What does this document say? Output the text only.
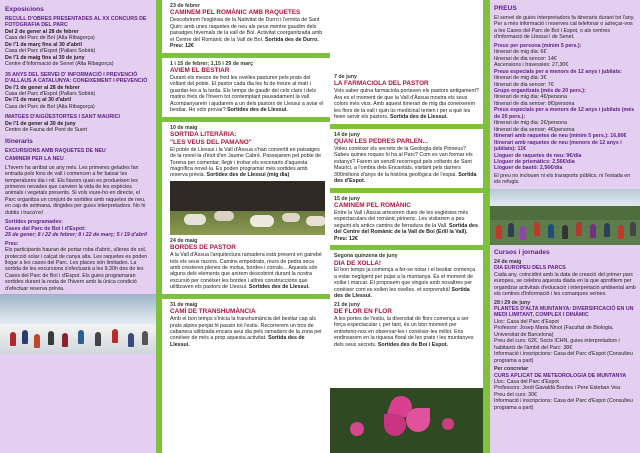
Exposicions
RECULL D'OBRES PRESENTADES AL XX CONCURS DE FOTOGRAFIA DEL PARC
Del 2 de gener al 28 de febrer
Casa del Parc de Boí (Alta Ribagorça)
De l'1 de març fins al 30 d'abril
Casa del Parc d'Espot (Pallars Sobirà)
De l'1 de maig fins al 30 de juny
Centre d'Informació de Senet (Alta Ribagorça)
35 ANYS DEL SERVEI D' INFORMACIÓ I PREVENCIÓ D'ALLAUS A CATALUNYA: CONEIXEMENT I PREVENCIÓ
De l'1 de gener al 28 de febrer
Casa del Parc d'Espot (Pallars Sobirà)
De l'1 de març al 30 d'abril
Casa del Parc de Boí (Alta Ribagorça)
IMATGES D'AIGÜESTORTES I SANT MAURICI
De l'1 de gener al 30 de juny
Centre de Fauna del Pont de Suert
Itineraris
EXCURSIONS AMB RAQUETES DE NEU
CAMINEM PER LA NEU

L'hivern ha arribat un any més. Les primeres gelades fan entrada pels fons de vall i comencen a fer baixar les temperatures dia i nit. Els llavors quan es produeixen les primeres nevades que canvien la vida de les espècies animals i vegetals presents. Si vols viure-ho en directe, el Parc organitza un conjunt de sortides amb raquetes de neu, en cap de setmana, dirigides per guies interpretadors. No hi dubtis i truca'ns!

Sortides programades:
Cases del Parc de Boí i d'Espot:
25 de gener; 8 i 22 de febrer; 8 i 22 de març; 5 i 19 d'abril
Preu:

Els participants hauran de portar roba d'abric, ulleres de sol, protecció solar i calçat de canya alta. Les raquetes es poden llogar a les cases del Parc. Les places són limitades. La sortida de les excursions s'efectuarà a les 9.30h des de les Cases del Parc de Boí i d'Espot. Els guies programaran sortides durant la resta de l'hivern amb la única condició d'efectuar reserva prèvia.

23 de febrer
CAMINEM PEL ROMÀNIC AMB RAQUETES

Descobrirem l'església de la Nativitat de Durro i l'ermita de Sant Quirc amb unes raquetes de neu als peus mentre gaudim dels paisatges hivernals de la vall de Boí. Activitat coorganitzada amb el Centre del Romànic de la Vall de Boí. Sortida des de Durro. Preu: 12€

1 i 15 de febrer; 1,15 i 29 de març
AVIEM EL BESTIAR

Durant els mesos de fred les ovelles pasturen pels prats del voltant del poble. El pastor cada dia les fa de treure al matí i guardar-les a la tarda. Els temps de gaudir del cels clars i dels matins frets de l'hivern tot contemplant pausadament la vall. Acompanyarem i ajudarem a un dels pastors de Llessui a aviar el bestiar. Ho vols provar? Sortides des de Llessui.

10 de maig
SORTIDA LITERÀRIA:
"LES VEUS DEL PAMANO"

El poble de Llessui i la Vall d'Àssua s'han convertit en paisatges de la novel·la d'èxit d'en Jaume Cabré. Passejarem pel poble de Torena per comentar, llegir i trobar els escenaris d'aquesta magnífica novel·la. Es poden programar més sortides amb reserva prèvia. Sortides des de Llessui (mig dia)

24 de maig
BORDES DE PASTOR

A la Vall d'Àssua l'arquitectura ramadera està present en gairebé tots els seus racons. Camins empedrats, murs de pedra seca amb cresteres plenes de molsa, bordes i corrals... Aquests són alguns dels elements que anirem descobrint durant la nostra excursió per conèixer les bordes i altres construccions que utilitzaven els pastors de Llessui. Sortides des de Llessui.

31 de maig
CAMÍ DE TRANSHUMÀNCIA

Amb el bon temps s'inicia la transhumància del bestiar cap als prats alpins penjat hi passin tot l'estiu. Recorrerem un tros de cabanera utilitzada encara avui dia pels ramaders de la zona per conèixer de més a prop aquesta activitat. Sortida des de Llessui.

7 de juny
LA FARMACIOLA DEL PASTOR

Vols saber quina farmaciola portaven els pastors antigament? Ara es el moment de que la Vall d'Àssua mostra els seus colors més vius. Amb aquest itinerari de mig dia coneixerem les flors de la vall i quin ús medicinal tenien i per a què les feien servir els pastors. Sortida des de Llessui.

14 de juny
QUAN LES PEDRES PARLEN...

Voleu conèixer els secrets de la Geologia dels Pirineus? Sabeu quines roques hi ha al Parc? Com es van formar els estanys? Farem un senzill recorregut pels voltants de Sant Maurici, a l'ombra dels Encantats, visitant pels darrers 300milions d'anys de la història geològica de l'espai. Sortida des d'Espot.

15 de juny
CAMINEM PEL ROMÀNIC

Entre la Vall i Assua atresoren dues de les esglésies més espectaculars del romànic pirinenc. Les visitarem a peu seguint els antics camins de ferradura de la Vall. Sortida des del Centre del Romànic de la Vall de Boí (Erill la Vall). Preu: 12€

Segona quinzena de juny
DIA DE XOLLA!

El bon temps ja comença a fer-se notar i el bestiar comença a estar negligent per pujar a la muntanya. És el moment de xollar i marcar. Et proposem que vinguis amb nosaltres per conèixer com es xollen les ovelles, et sorprendrà! Sortida des de Llessui.

21 de juny
DE FLOR EN FLOR

A les portes de l'estiu, la diversitat de flors comença a ser força espectacular i, per tant, és un bon moment per entretenir-nos en observar-les i conèixer-les millor. Ens endinsarem en la riquesa floral de les prats i les muntanyes dels seus secrets. Sortides des de Boí i Espot.

PREUS

El servei de guies interpretadors fa itineraris durant tot l'any. Per a més informació i reserves cal telefonar o adreçar-vos a les Cases del Parc de Boí i Espot, o als centres d'informació de Llessui i de Senet.

Preus per persona (mínim 5 pers.):
Itinerari de mig dia: 6€
Itinerari de dia sencer: 14€
Ascensions i travessies: 27,30€
Preus especials per a menors de 12 anys i jubilats:
Itinerari de mig dia: 3€
Itinerari de dia sencer: 7€
Grups organitzats (més de 20 pers.):
Itinerari de mig dia: 4€/persona
Itinerari de dia sencer: 8€/persona
Preus especials per a menors de 12 anys i jubilats (més de 20 pers.):
Itinerari de mig dia: 2€/persona
Itinerari de dia sencer: 4€/persona
Itinerari amb raquetes de neu (mínim 5 pers.): 16,80€
Itinerari amb raquetes de neu (menors de 12 anys i jubilats): 11€
Lloguer de raquetes de neu: 9€/dia
Lloguer de prismàtics: 2,56€/dia
Lloguer de bastó: 2,56€/dia

El preu no inclouen ni els transports públics, ni l'estada en els refugis.

Cursos i jornades
24 de maig
DIA EUROPEU DELS PARCS

Cada any, coincidint amb la data de creació del primer parc europeu, se celebra aquesta diada en la que aprofitem per organitzar activitats d'educació i interpretació ambiental amb els centres d'informació i les comarques veïnes.

28 i 29 de juny
PLANTES D'ALTA MUNTANYA: DIVERSIFICACIÓ EN UN MEDI LIMITANT, COMPLEX I DINÀMIC
Lloc: Casa del Parc d'Espot
Professor: Josep Maria Ninot (Facultat de Biologia, Universitat de Barcelona)
Preu del curs: 62€. Socis ICHN, guies interpretadors i habitants de l'àmbit del Parc: 38€
Informació i inscripcions: Casa del Parc d'Espot (Consulteu programa a part)
Per concretar
CURS APLICAT DE METEOROLOGIA DE MUNTANYA
Lloc: Casa del Parc d'Espot
Professors: Jordi Gavaldà Bordes i Pere Esteban Vea
Preu del curs: 30€
Informació i inscripcions: Casa del Parc d'Espot (Consulteu programa a part)
